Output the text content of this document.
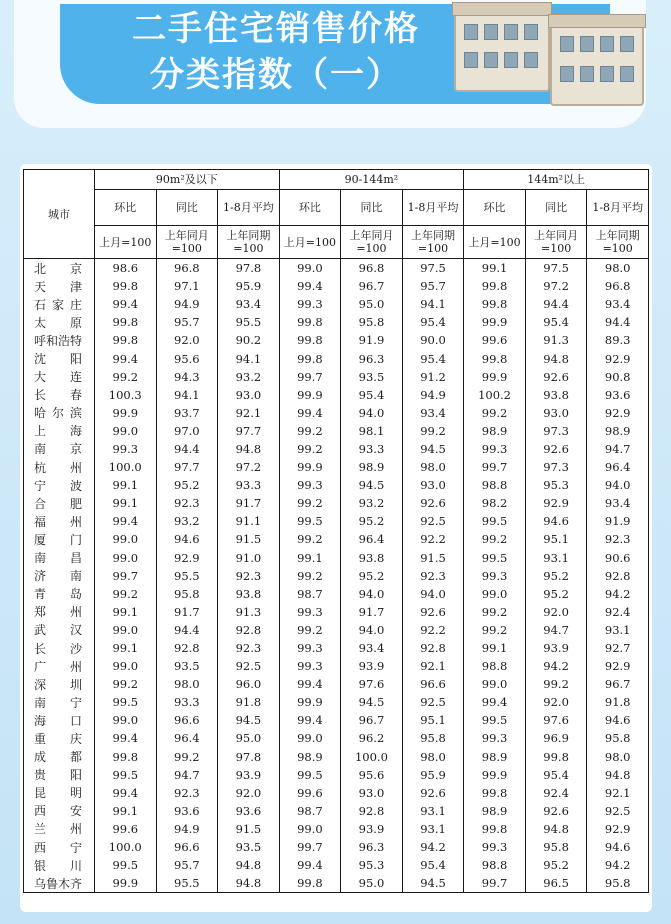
二手住宅销售价格
分类指数（一）
城市	90m²及以下			90-144m²			144m²以上		
	环比	同比	1-8月平均	环比	同比	1-8月平均	环比	同比	1-8月平均
	上月=100	上年同月=100	上年同期=100	上月=100	上年同月=100	上年同期=100	上月=100	上年同月=100	上年同期=100
北京	98.6	96.8	97.8	99.0	96.8	97.5	99.1	97.5	98.0
天津	99.8	97.1	95.9	99.4	96.7	95.7	99.8	97.2	96.8
石家庄	99.4	94.9	93.4	99.3	95.0	94.1	99.8	94.4	93.4
太原	99.8	95.7	95.5	99.8	95.8	95.4	99.9	95.4	94.4
呼和浩特	99.8	92.0	90.2	99.8	91.9	90.0	99.6	91.3	89.3
沈阳	99.4	95.6	94.1	99.8	96.3	95.4	99.8	94.8	92.9
大连	99.2	94.3	93.2	99.7	93.5	91.2	99.9	92.6	90.8
长春	100.3	94.1	93.0	99.9	95.4	94.9	100.2	93.8	93.6
哈尔滨	99.9	93.7	92.1	99.4	94.0	93.4	99.2	93.0	92.9
上海	99.0	97.0	97.7	99.2	98.1	99.2	98.9	97.3	98.9
南京	99.3	94.4	94.8	99.2	93.3	94.5	99.3	92.6	94.7
杭州	100.0	97.7	97.2	99.9	98.9	98.0	99.7	97.3	96.4
宁波	99.1	95.2	93.3	99.3	94.5	93.0	98.8	95.3	94.0
合肥	99.1	92.3	91.7	99.2	93.2	92.6	98.2	92.9	93.4
福州	99.4	93.2	91.1	99.5	95.2	92.5	99.5	94.6	91.9
厦门	99.0	94.6	91.5	99.2	96.4	92.2	99.2	95.1	92.3
南昌	99.0	92.9	91.0	99.1	93.8	91.5	99.5	93.1	90.6
济南	99.7	95.5	92.3	99.2	95.2	92.3	99.3	95.2	92.8
青岛	99.2	95.8	93.8	98.7	94.0	94.0	99.0	95.2	94.2
郑州	99.1	91.7	91.3	99.3	91.7	92.6	99.2	92.0	92.4
武汉	99.0	94.4	92.8	99.2	94.0	92.2	99.2	94.7	93.1
长沙	99.1	92.8	92.3	99.3	93.4	92.8	99.1	93.9	92.7
广州	99.0	93.5	92.5	99.3	93.9	92.1	98.8	94.2	92.9
深圳	99.2	98.0	96.0	99.4	97.6	96.6	99.0	99.2	96.7
南宁	99.5	93.3	91.8	99.9	94.5	92.5	99.4	92.0	91.8
海口	99.0	96.6	94.5	99.4	96.7	95.1	99.5	97.6	94.6
重庆	99.4	96.4	95.0	99.0	96.2	95.8	99.3	96.9	95.8
成都	99.8	99.2	97.8	98.9	100.0	98.0	98.9	99.8	98.0
贵阳	99.5	94.7	93.9	99.5	95.6	95.9	99.9	95.4	94.8
昆明	99.4	92.3	92.0	99.6	93.0	92.6	99.8	92.4	92.1
西安	99.1	93.6	93.6	98.7	92.8	93.1	98.9	92.6	92.5
兰州	99.6	94.9	91.5	99.0	93.9	93.1	99.8	94.8	92.9
西宁	100.0	96.6	93.5	99.7	96.3	94.2	99.3	95.8	94.6
银川	99.5	95.7	94.8	99.4	95.3	95.4	98.8	95.2	94.2
乌鲁木齐	99.9	95.5	94.8	99.8	95.0	94.5	99.7	96.5	95.8
